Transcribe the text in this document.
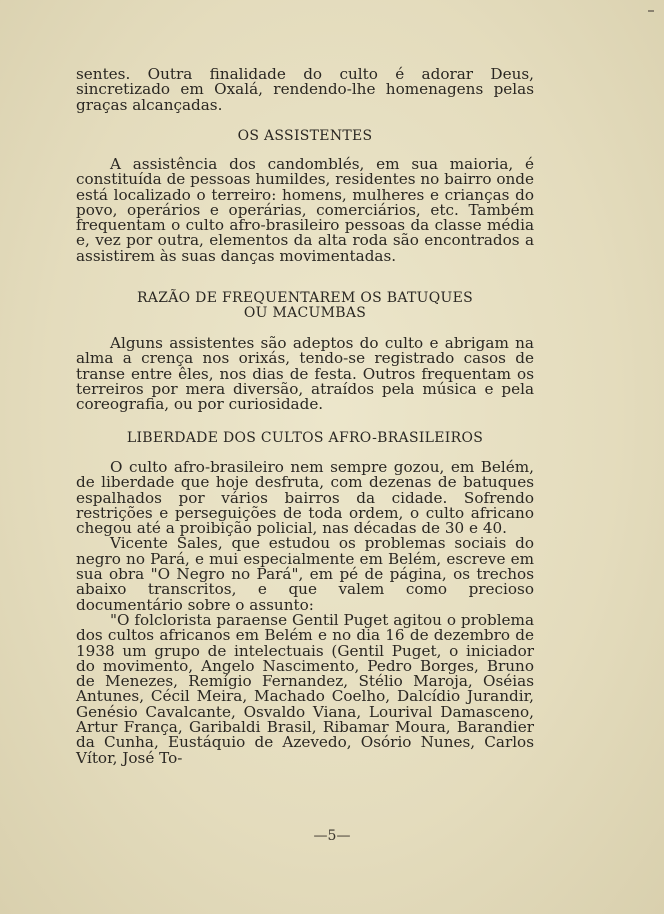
sentes. Outra finalidade do culto é adorar Deus, sincretizado em Oxalá, rendendo-lhe homenagens pelas graças alcançadas.

OS ASSISTENTES

A assistência dos candomblés, em sua maioria, é constituída de pessoas humildes, residentes no bairro onde está localizado o terreiro: homens, mulheres e crianças do povo, operários e operárias, comerciários, etc. Também frequentam o culto afro-brasileiro pessoas da classe média e, vez por outra, elementos da alta roda são encontrados a assistirem às suas danças movimentadas.

RAZÃO DE FREQUENTAREM OS BATUQUES
OU MACUMBAS

Alguns assistentes são adeptos do culto e abrigam na alma a crença nos orixás, tendo-se registrado casos de transe entre êles, nos dias de festa. Outros frequentam os terreiros por mera diversão, atraídos pela música e pela coreografia, ou por curiosidade.

LIBERDADE DOS CULTOS AFRO-BRASILEIROS

O culto afro-brasileiro nem sempre gozou, em Belém, de liberdade que hoje desfruta, com dezenas de batuques espalhados por vários bairros da cidade. Sofrendo restrições e perseguições de toda ordem, o culto africano chegou até a proibição policial, nas décadas de 30 e 40.

Vicente Sales, que estudou os problemas sociais do negro no Pará, e mui especialmente em Belém, escreve em sua obra "O Negro no Pará", em pé de página, os trechos abaixo transcritos, e que valem como precioso documentário sobre o assunto:

"O folclorista paraense Gentil Puget agitou o problema dos cultos africanos em Belém e no dia 16 de dezembro de 1938 um grupo de intelectuais (Gentil Puget, o iniciador do movimento, Angelo Nascimento, Pedro Borges, Bruno de Menezes, Remígio Fernandez, Stélio Maroja, Oséias Antunes, Cécil Meira, Machado Coelho, Dalcídio Jurandir, Genésio Cavalcante, Osvaldo Viana, Lourival Damasceno, Artur França, Garibaldi Brasil, Ribamar Moura, Barandier da Cunha, Eustáquio de Azevedo, Osório Nunes, Carlos Vítor, José To-

—5—
